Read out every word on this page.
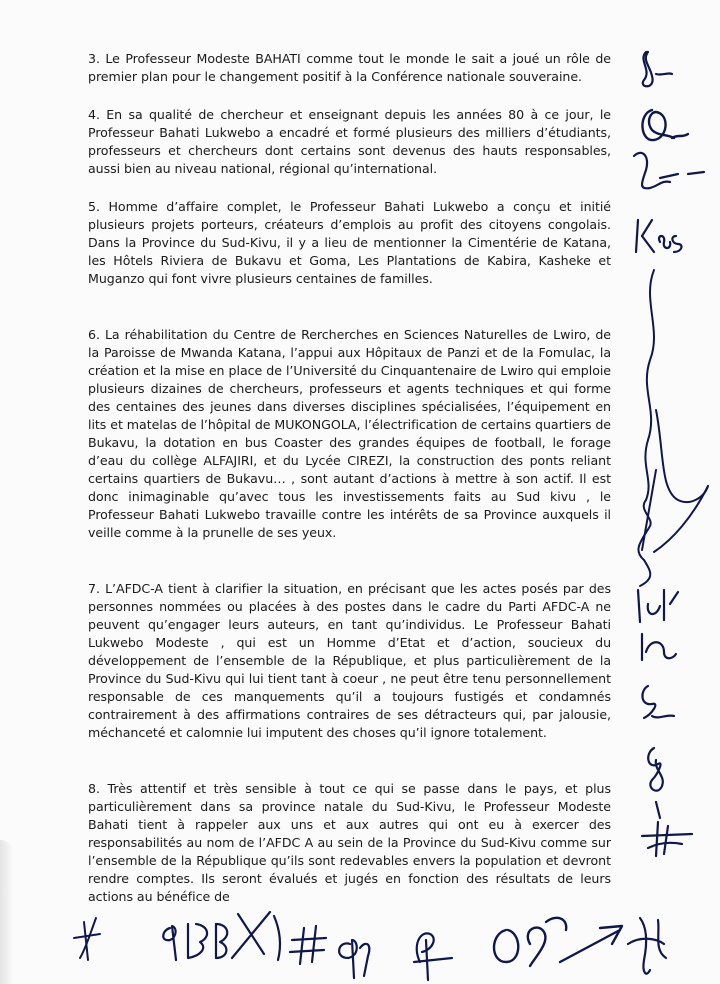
3. Le Professeur Modeste BAHATI comme tout le monde le sait a joué un rôle de premier plan pour le changement positif à la Conférence nationale souveraine.

4. En sa qualité de chercheur et enseignant depuis les années 80 à ce jour, le Professeur Bahati Lukwebo a encadré et formé plusieurs des milliers d’étudiants, professeurs et chercheurs dont certains sont devenus des hauts responsables, aussi bien au niveau national, régional qu’international.

5. Homme d’affaire complet, le Professeur Bahati Lukwebo a conçu et initié plusieurs projets porteurs, créateurs d’emplois au profit des citoyens congolais. Dans la Province du Sud-Kivu, il y a lieu de mentionner la Cimentérie de Katana, les Hôtels Riviera de Bukavu et Goma, Les Plantations de Kabira, Kasheke et Muganzo qui font vivre plusieurs centaines de familles.

6. La réhabilitation du Centre de Rercherches en Sciences Naturelles de Lwiro, de la Paroisse de Mwanda Katana, l’appui aux Hôpitaux de Panzi et de la Fomulac, la création et la mise en place de l’Université du Cinquantenaire de Lwiro qui emploie plusieurs dizaines de chercheurs, professeurs et agents techniques et qui forme des centaines des jeunes dans diverses disciplines spécialisées, l’équipement en lits et matelas de l’hôpital de MUKONGOLA, l’électrification de certains quartiers de Bukavu, la dotation en bus Coaster des grandes équipes de football, le forage d’eau du collège ALFAJIRI, et du Lycée CIREZI, la construction des ponts reliant certains quartiers de Bukavu… , sont autant d’actions à mettre à son actif. Il est donc inimaginable qu’avec tous les investissements faits au Sud kivu , le Professeur Bahati Lukwebo travaille contre les intérêts de sa Province auxquels il veille comme à la prunelle de ses yeux.

7. L’AFDC-A tient à clarifier la situation, en précisant que les actes posés par des personnes nommées ou placées à des postes dans le cadre du Parti AFDC-A ne peuvent qu’engager leurs auteurs, en tant qu’individus. Le Professeur Bahati Lukwebo Modeste , qui est un Homme d’Etat et d’action, soucieux du développement de l’ensemble de la République, et plus particulièrement de la Province du Sud-Kivu qui lui tient tant à coeur , ne peut être tenu personnellement responsable de ces manquements qu’il a toujours fustigés et condamnés contrairement à des affirmations contraires de ses détracteurs qui, par jalousie, méchanceté et calomnie lui imputent des choses qu’il ignore totalement.

8. Très attentif et très sensible à tout ce qui se passe dans le pays, et plus particulièrement dans sa province natale du Sud-Kivu, le Professeur Modeste Bahati tient à rappeler aux uns et aux autres qui ont eu à exercer des responsabilités au nom de l’AFDC A au sein de la Province du Sud-Kivu comme sur l’ensemble de la République qu’ils sont redevables envers la population et devront rendre comptes. Ils seront évalués et jugés en fonction des résultats de leurs actions au bénéfice de
